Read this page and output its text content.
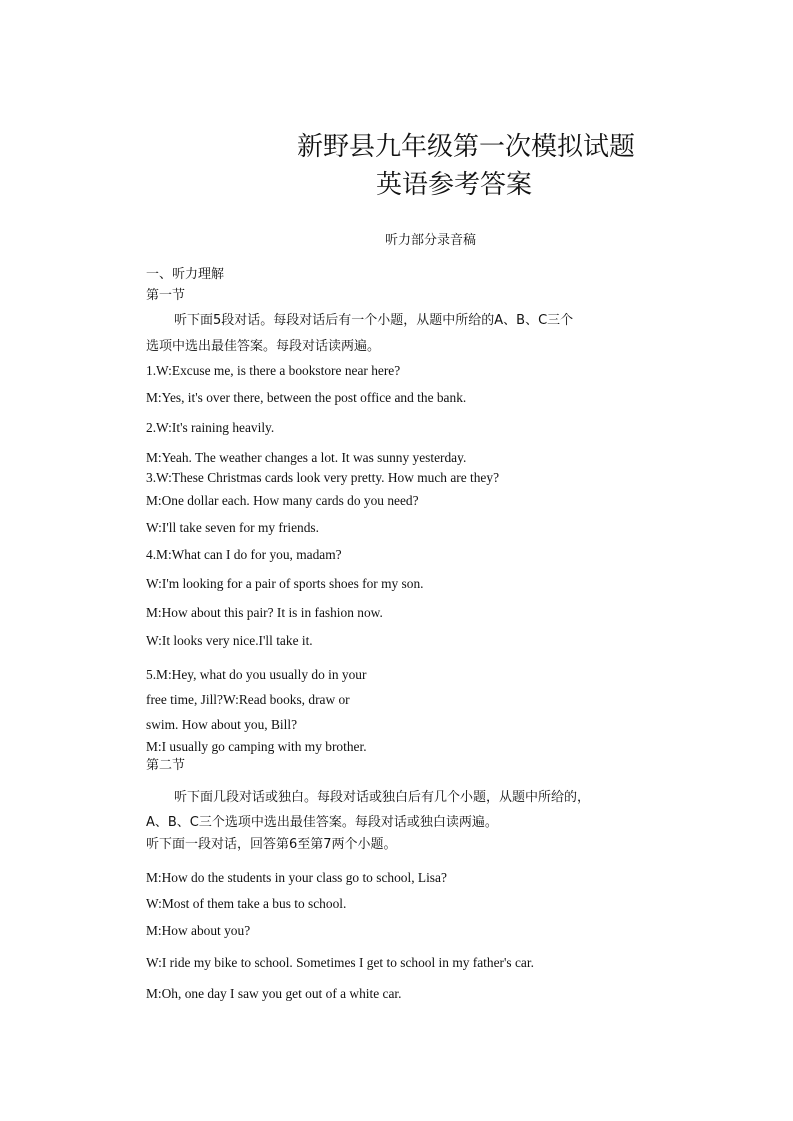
新野县九年级第一次模拟试题
英语参考答案
听力部分录音稿
一、听力理解
第一节
听下面5段对话。每段对话后有一个小题，从题中所给的A、B、C三个
选项中选出最佳答案。每段对话读两遍。
1.W:Excuse me, is there a bookstore near here?
M:Yes, it's over there, between the post office and the bank.
2.W:It's raining heavily.
M:Yeah. The weather changes a lot. It was sunny yesterday.
3.W:These Christmas cards look very pretty. How much are they?
M:One dollar each. How many cards do you need?
W:I'll take seven for my friends.
4.M:What can I do for you, madam?
W:I'm looking for a pair of sports shoes for my son.
M:How about this pair? It is in fashion now.
W:It looks very nice.I'll take it.
5.M:Hey, what do you usually do in your
free time, Jill?W:Read books, draw or
swim. How about you, Bill?
M:I usually go camping with my brother.
第二节
听下面几段对话或独白。每段对话或独白后有几个小题，从题中所给的，
A、B、C三个选项中选出最佳答案。每段对话或独白读两遍。
听下面一段对话，回答第6至第7两个小题。
M:How do the students in your class go to school, Lisa?
W:Most of them take a bus to school.
M:How about you?
W:I ride my bike to school. Sometimes I get to school in my father's car.
M:Oh, one day I saw you get out of a white car.
